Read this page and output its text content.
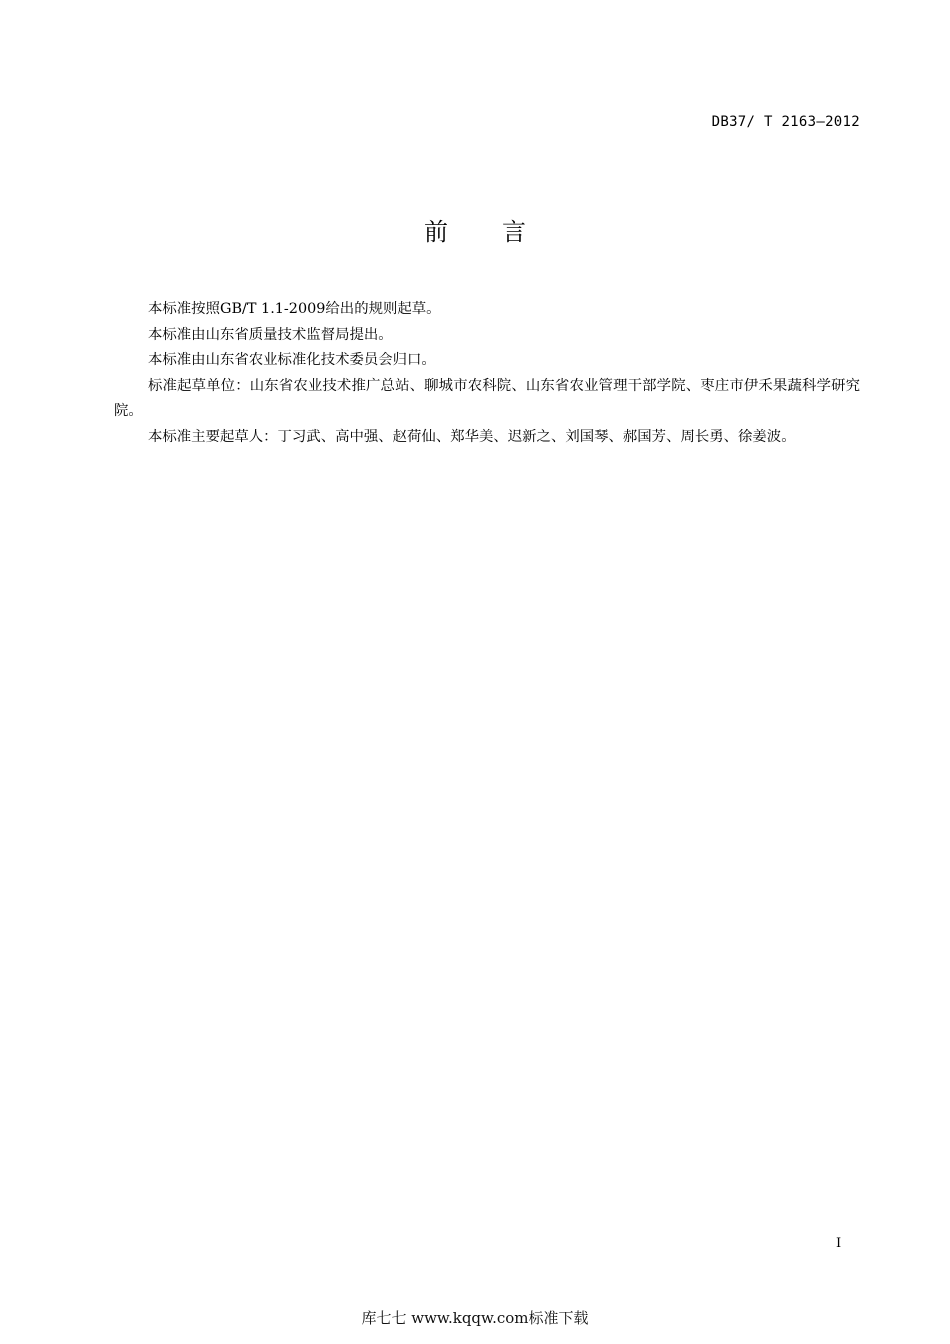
DB37/ T 2163—2012
前言

本标准按照GB/T 1.1-2009给出的规则起草。

本标准由山东省质量技术监督局提出。

本标准由山东省农业标准化技术委员会归口。

标准起草单位：山东省农业技术推广总站、聊城市农科院、山东省农业管理干部学院、枣庄市伊禾果蔬科学研究院。

本标准主要起草人：丁习武、高中强、赵荷仙、郑华美、迟新之、刘国琴、郝国芳、周长勇、徐姜波。

I
库七七 www.kqqw.com标准下载
